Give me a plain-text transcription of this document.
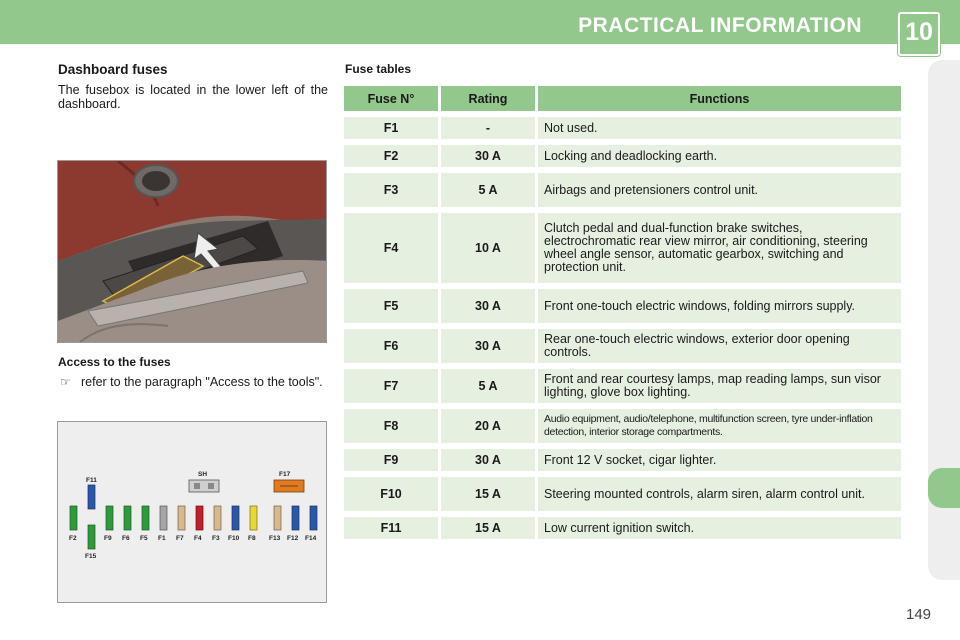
PRACTICAL INFORMATION 10
Dashboard fuses
The fusebox is located in the lower left of the dashboard.
Access to the fuses
☞ refer to the paragraph "Access to the tools".
F11
SH	F17
F2	F9 F6 F5 F1 F7 F4 F3 F10 F8 F13 F12 F14
F15
Fuse tables
Fuse N°	Rating	Functions
F1	-	Not used.
F2	30 A	Locking and deadlocking earth.
F3	5 A	Airbags and pretensioners control unit.
F4	10 A	Clutch pedal and dual-function brake switches, electrochromatic rear view mirror, air conditioning, steering wheel angle sensor, automatic gearbox, switching and protection unit.
F5	30 A	Front one-touch electric windows, folding mirrors supply.
F6	30 A	Rear one-touch electric windows, exterior door opening controls.
F7	5 A	Front and rear courtesy lamps, map reading lamps, sun visor lighting, glove box lighting.
F8	20 A	Audio equipment, audio/telephone, multifunction screen, tyre under-inflation detection, interior storage compartments.
F9	30 A	Front 12 V socket, cigar lighter.
F10	15 A	Steering mounted controls, alarm siren, alarm control unit.
F11	15 A	Low current ignition switch.
149
